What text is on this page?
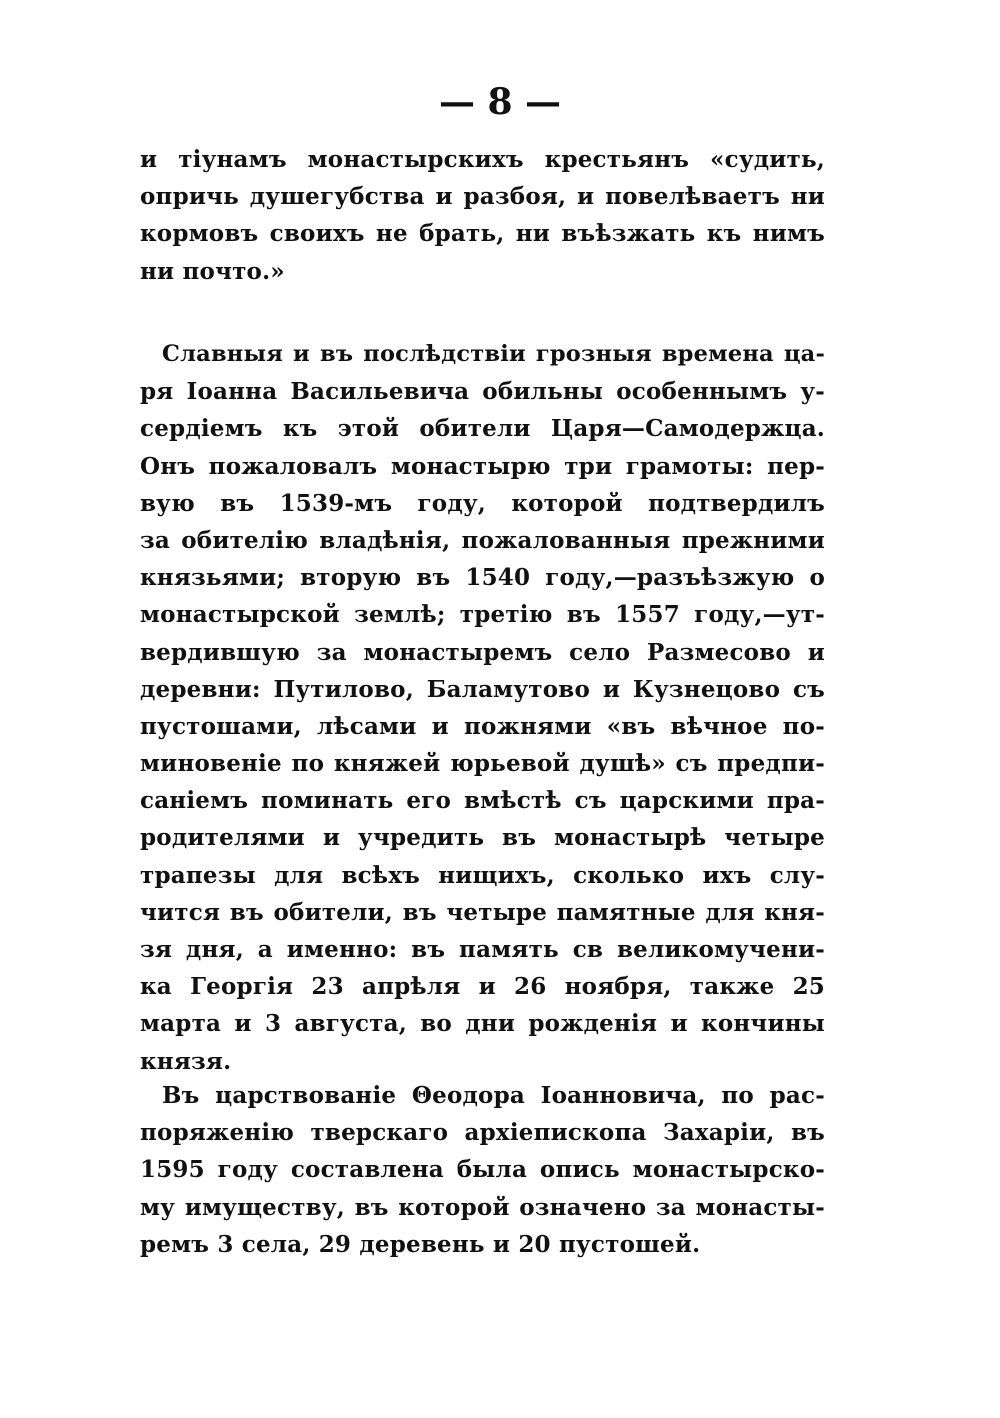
— 8 —
и тіунамъ монастырскихъ крестьянъ «судить,
опричь душегубства и разбоя, и повелѣваетъ ни
кормовъ своихъ не брать, ни въѣзжать къ нимъ
ни почто.»
Славныя и въ послѣдствіи грозныя времена ца-
ря Іоанна Васильевича обильны особеннымъ у-
сердіемъ къ этой обители Царя—Самодержца.
Онъ пожаловалъ монастырю три грамоты: пер-
вую въ 1539-мъ году, которой подтвердилъ
за обителію владѣнія, пожалованныя прежними
князьями; вторую въ 1540 году,—разъѣзжую о
монастырской землѣ; третію въ 1557 году,—ут-
вердившую за монастыремъ село Размесово и
деревни: Путилово, Баламутово и Кузнецово съ
пустошами, лѣсами и пожнями «въ вѣчное по-
миновеніе по княжей юрьевой душѣ» съ предпи-
саніемъ поминать его вмѣстѣ съ царскими пра-
родителями и учредить въ монастырѣ четыре
трапезы для всѣхъ нищихъ, сколько ихъ слу-
чится въ обители, въ четыре памятные для кня-
зя дня, а именно: въ память св великомучени-
ка Георгія 23 апрѣля и 26 ноября, также 25
марта и 3 августа, во дни рожденія и кончины
князя.
Въ царствованіе Θеодора Іоанновича, по рас-
поряженію тверскаго архіепископа Захаріи, въ
1595 году составлена была опись монастырско-
му имуществу, въ которой означено за монасты-
ремъ 3 села, 29 деревень и 20 пустошей.
